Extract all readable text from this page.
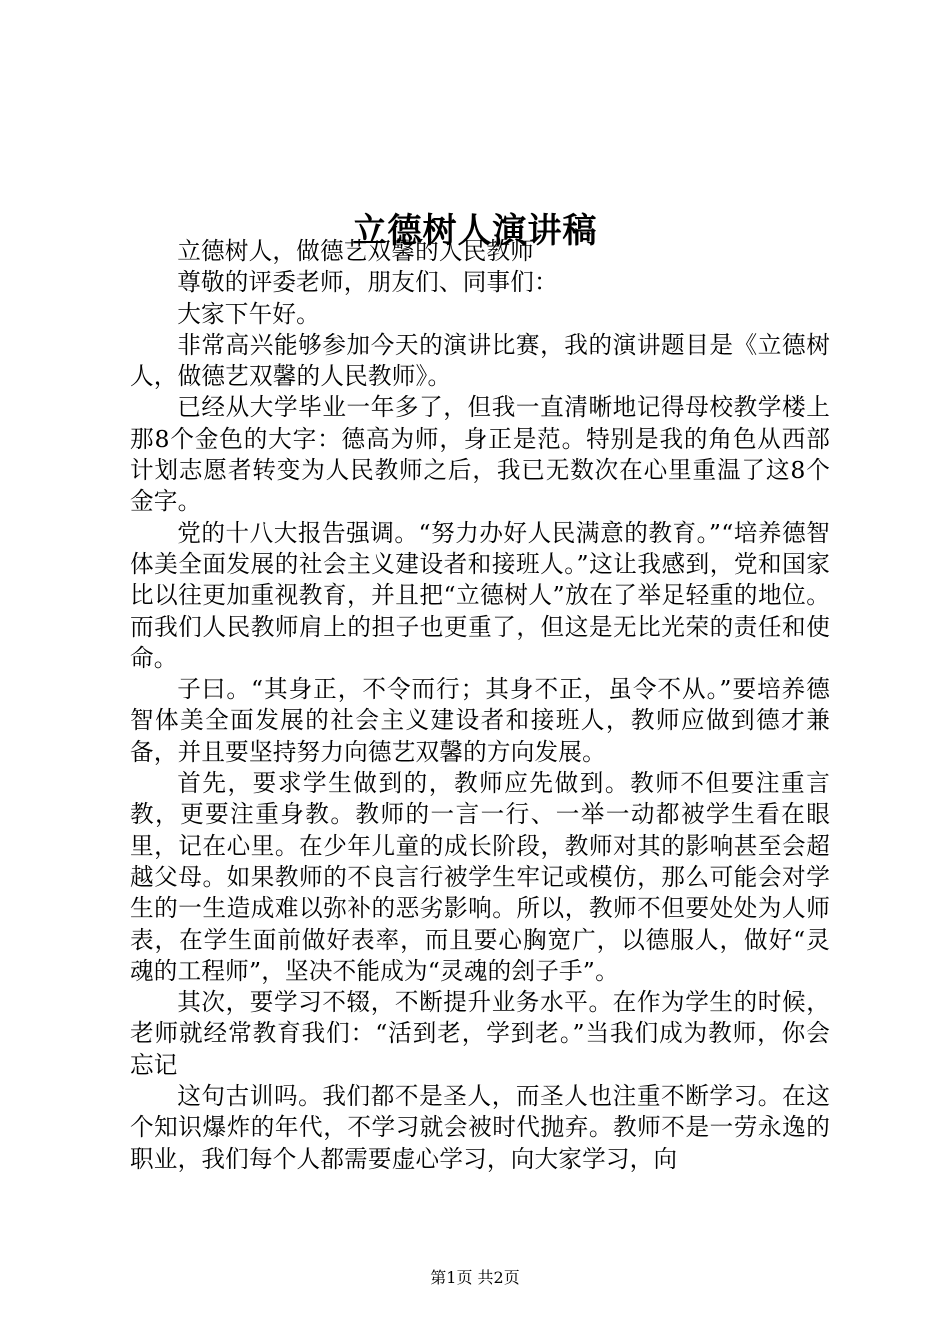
立德树人演讲稿

立德树人，做德艺双馨的人民教师

尊敬的评委老师，朋友们、同事们：

大家下午好。

非常高兴能够参加今天的演讲比赛，我的演讲题目是《立德树人，做德艺双馨的人民教师》。

已经从大学毕业一年多了，但我一直清晰地记得母校教学楼上那8个金色的大字：德高为师，身正是范。特别是我的角色从西部计划志愿者转变为人民教师之后，我已无数次在心里重温了这8个金字。

党的十八大报告强调。“努力办好人民满意的教育。”“培养德智体美全面发展的社会主义建设者和接班人。”这让我感到，党和国家比以往更加重视教育，并且把“立德树人”放在了举足轻重的地位。而我们人民教师肩上的担子也更重了，但这是无比光荣的责任和使命。

子曰。“其身正，不令而行；其身不正，虽令不从。”要培养德智体美全面发展的社会主义建设者和接班人，教师应做到德才兼备，并且要坚持努力向德艺双馨的方向发展。

首先，要求学生做到的，教师应先做到。教师不但要注重言教，更要注重身教。教师的一言一行、一举一动都被学生看在眼里，记在心里。在少年儿童的成长阶段，教师对其的影响甚至会超越父母。如果教师的不良言行被学生牢记或模仿，那么可能会对学生的一生造成难以弥补的恶劣影响。所以，教师不但要处处为人师表，在学生面前做好表率，而且要心胸宽广，以德服人，做好“灵魂的工程师”，坚决不能成为“灵魂的刽子手”。

其次，要学习不辍，不断提升业务水平。在作为学生的时候，老师就经常教育我们：“活到老，学到老。”当我们成为教师，你会忘记

这句古训吗。我们都不是圣人，而圣人也注重不断学习。在这个知识爆炸的年代，不学习就会被时代抛弃。教师不是一劳永逸的职业，我们每个人都需要虚心学习，向大家学习，向

第1页 共2页
